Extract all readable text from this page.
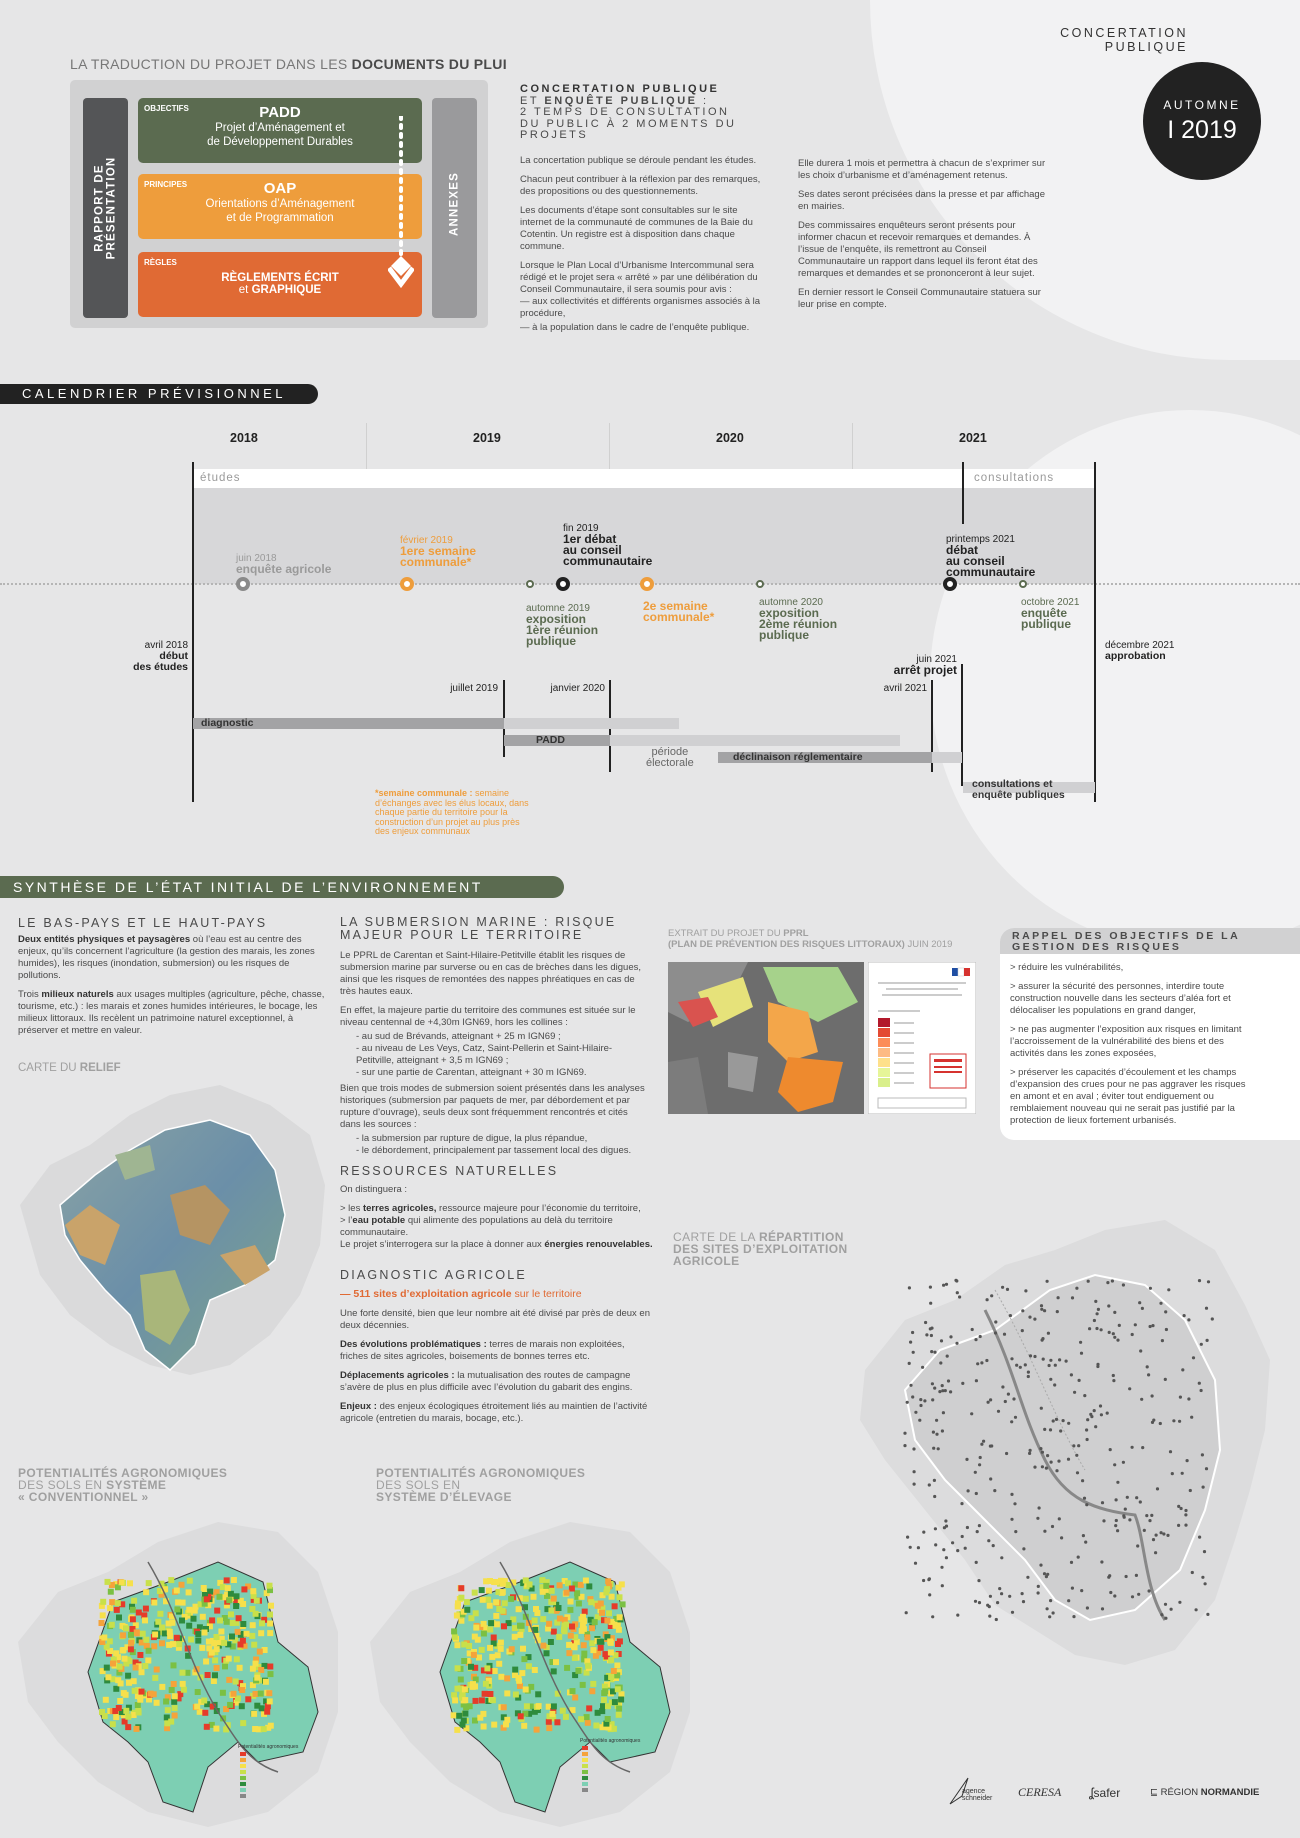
CONCERTATION
PUBLIQUE
AUTOMNE
I 2019
LA TRADUCTION DU PROJET DANS LES DOCUMENTS DU PLUI
RAPPORT DE PRÉSENTATION	ANNEXES
OBJECTIFS	PADD
Projet d’Aménagement et
de Développement Durables
PRINCIPES	OAP
Orientations d’Aménagement
et de Programmation
RÈGLES
RÈGLEMENTS ÉCRIT
et GRAPHIQUE
CONCERTATION PUBLIQUE
ET ENQUÊTE PUBLIQUE :
2 TEMPS DE CONSULTATION
DU PUBLIC À 2 MOMENTS DU
PROJETS

La concertation publique se déroule pendant les études.

Chacun peut contribuer à la réflexion par des remarques, des propositions ou des questionnements.

Les documents d’étape sont consultables sur le site internet de la communauté de communes de la Baie du Cotentin. Un registre est à disposition dans chaque commune.

Lorsque le Plan Local d’Urbanisme Intercommunal sera rédigé et le projet sera « arrêté » par une délibération du Conseil Communautaire, il sera soumis pour avis :

— aux collectivités et différents organismes associés à la procédure,

— à la population dans le cadre de l’enquête publique.

Elle durera 1 mois et permettra à chacun de s’exprimer sur les choix d’urbanisme et d’aménagement retenus.

Ses dates seront précisées dans la presse et par affichage en mairies.

Des commissaires enquêteurs seront présents pour informer chacun et recevoir remarques et demandes. À l’issue de l’enquête, ils remettront au Conseil Communautaire un rapport dans lequel ils feront état des remarques et demandes et se prononceront à leur sujet.

En dernier ressort le Conseil Communautaire statuera sur leur prise en compte.

CALENDRIER PRÉVISIONNEL
2018	2019	2020	2021
études	consultations
juin 2018
enquête agricole
février 2019
1ere semaine
communale*
fin 2019
1er débat
au conseil
communautaire
automne 2019
exposition
1ère réunion
publique
2e semaine
communale*
automne 2020
exposition
2ème réunion
publique
printemps 2021
débat
au conseil
communautaire
octobre 2021
enquête
publique
avril 2018
début
des études
décembre 2021
approbation
juin 2021
arrêt projet
juillet 2019	janvier 2020	avril 2021
diagnostic
PADD
période
électorale	déclinaison réglementaire
consultations et
enquête publiques
*semaine communale : semaine d’échanges avec les élus locaux, dans chaque partie du territoire pour la construction d’un projet au plus près des enjeux communaux
SYNTHÈSE DE L’ÉTAT INITIAL DE L’ENVIRONNEMENT
LE BAS-PAYS ET LE HAUT-PAYS

Deux entités physiques et paysagères où l’eau est au centre des enjeux, qu’ils concernent l’agriculture (la gestion des marais, les zones humides), les risques (inondation, submersion) ou les risques de pollutions.

Trois milieux naturels aux usages multiples (agriculture, pêche, chasse, tourisme, etc.) : les marais et zones humides intérieures, le bocage, les milieux littoraux. Ils recèlent un patrimoine naturel exceptionnel, à préserver et mettre en valeur.

CARTE DU RELIEF
LA SUBMERSION MARINE : RISQUE
MAJEUR POUR LE TERRITOIRE

Le PPRL de Carentan et Saint-Hilaire-Petitville établit les risques de submersion marine par surverse ou en cas de brèches dans les digues, ainsi que les risques de remontées des nappes phréatiques en cas de très hautes eaux.

En effet, la majeure partie du territoire des communes est située sur le niveau centennal de +4,30m IGN69, hors les collines :

- au sud de Brévands, atteignant + 25 m IGN69 ;
- au niveau de Les Veys, Catz, Saint-Pellerin et Saint-Hilaire-Petitville, atteignant + 3,5 m IGN69 ;
- sur une partie de Carentan, atteignant + 30 m IGN69.

Bien que trois modes de submersion soient présentés dans les analyses historiques (submersion par paquets de mer, par débordement et par rupture d’ouvrage), seuls deux sont fréquemment rencontrés et cités dans les sources :

- la submersion par rupture de digue, la plus répandue,
- le débordement, principalement par tassement local des digues.
RESSOURCES NATURELLES

On distinguera :

> les terres agricoles, ressource majeure pour l’économie du territoire,
> l’eau potable qui alimente des populations au delà du territoire communautaire.
Le projet s’interrogera sur la place à donner aux énergies renouvelables.
DIAGNOSTIC AGRICOLE
— 511 sites d’exploitation agricole sur le territoire

Une forte densité, bien que leur nombre ait été divisé par près de deux en deux décennies.

Des évolutions problématiques : terres de marais non exploitées, friches de sites agricoles, boisements de bonnes terres etc.

Déplacements agricoles : la mutualisation des routes de campagne s’avère de plus en plus difficile avec l’évolution du gabarit des engins.

Enjeux : des enjeux écologiques étroitement liés au maintien de l’activité agricole (entretien du marais, bocage, etc.).

EXTRAIT DU PROJET DU PPRL
(PLAN DE PRÉVENTION DES RISQUES LITTORAUX) JUIN 2019
RAPPEL DES OBJECTIFS DE LA
GESTION DES RISQUES

> réduire les vulnérabilités,

> assurer la sécurité des personnes, interdire toute construction nouvelle dans les secteurs d’aléa fort et délocaliser les populations en grand danger,

> ne pas augmenter l’exposition aux risques en limitant l’accroissement de la vulnérabilité des biens et des activités dans les zones exposées,

> préserver les capacités d’écoulement et les champs d’expansion des crues pour ne pas aggraver les risques en amont et en aval ; éviter tout endiguement ou remblaiement nouveau qui ne serait pas justifié par la protection de lieux fortement urbanisés.

CARTE DE LA RÉPARTITION
DES SITES D’EXPLOITATION
AGRICOLE
POTENTIALITÉS AGRONOMIQUES
DES SOLS EN SYSTÈME
« CONVENTIONNEL »
Potentialités agronomiques
POTENTIALITÉS AGRONOMIQUES
DES SOLS EN
SYSTÈME D’ÉLEVAGE
Potentialités agronomiques
agence
schneider CERESA ʆsafer	⊑ RÉGION NORMANDIE
